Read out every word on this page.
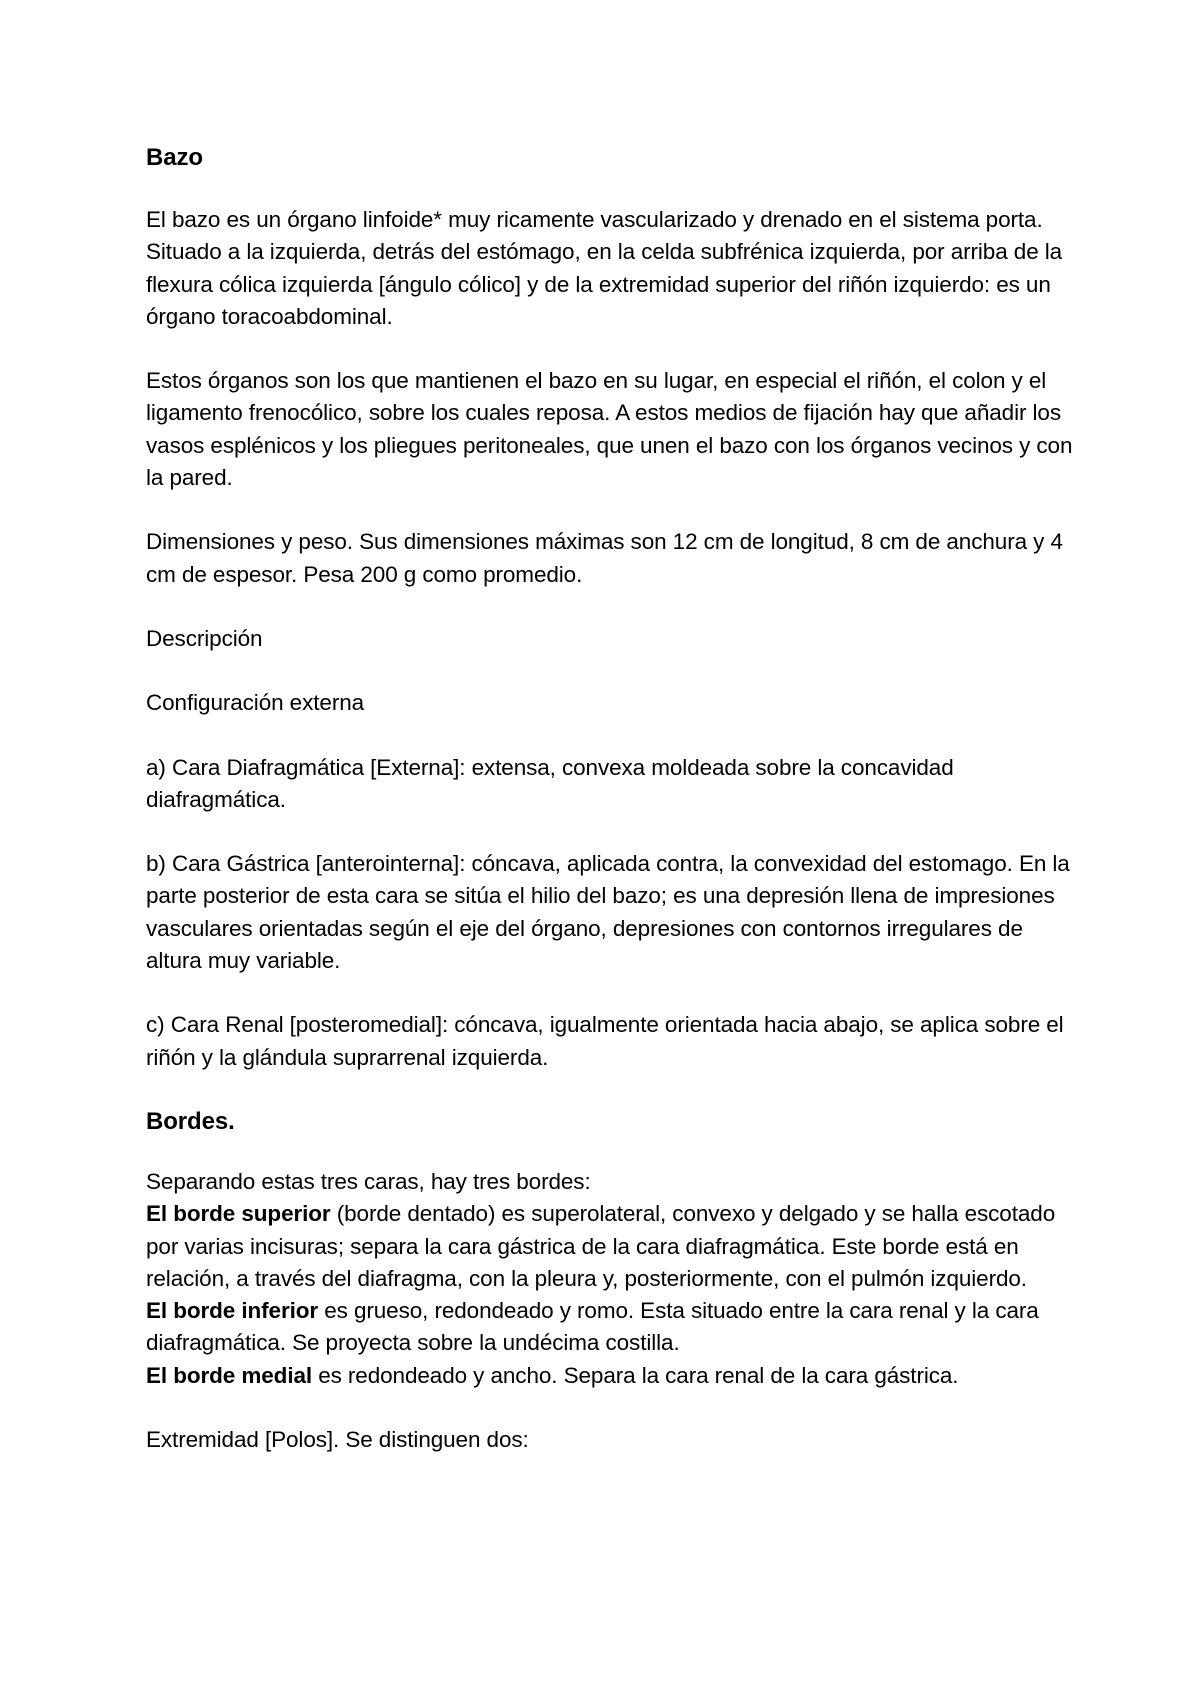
Bazo

El bazo es un órgano linfoide* muy ricamente vascularizado y drenado en el sistema porta. Situado a la izquierda, detrás del estómago, en la celda subfrénica izquierda, por arriba de la flexura cólica izquierda [ángulo cólico] y de la extremidad superior del riñón izquierdo: es un órgano toracoabdominal.

Estos órganos son los que mantienen el bazo en su lugar, en especial el riñón, el colon y el ligamento frenocólico, sobre los cuales reposa. A estos medios de fijación hay que añadir los vasos esplénicos y los pliegues peritoneales, que unen el bazo con los órganos vecinos y con la pared.

Dimensiones y peso. Sus dimensiones máximas son 12 cm de longitud, 8 cm de anchura y 4 cm de espesor. Pesa 200 g como promedio.

Descripción

Configuración externa

a) Cara Diafragmática [Externa]: extensa, convexa moldeada sobre la concavidad diafragmática.

b) Cara Gástrica [anterointerna]: cóncava, aplicada contra, la convexidad del estomago. En la parte posterior de esta cara se sitúa el hilio del bazo; es una depresión llena de impresiones vasculares orientadas según el eje del órgano, depresiones con contornos irregulares de altura muy variable.

c) Cara Renal [posteromedial]: cóncava, igualmente orientada hacia abajo, se aplica sobre el riñón y la glándula suprarrenal izquierda.

Bordes.

Separando estas tres caras, hay tres bordes:

El borde superior (borde dentado) es superolateral, convexo y delgado y se halla escotado por varias incisuras; separa la cara gástrica de la cara diafragmática. Este borde está en relación, a través del diafragma, con la pleura y, posteriormente, con el pulmón izquierdo.

El borde inferior es grueso, redondeado y romo. Esta situado entre la cara renal y la cara diafragmática. Se proyecta sobre la undécima costilla.

El borde medial es redondeado y ancho. Separa la cara renal de la cara gástrica.

Extremidad [Polos]. Se distinguen dos:
